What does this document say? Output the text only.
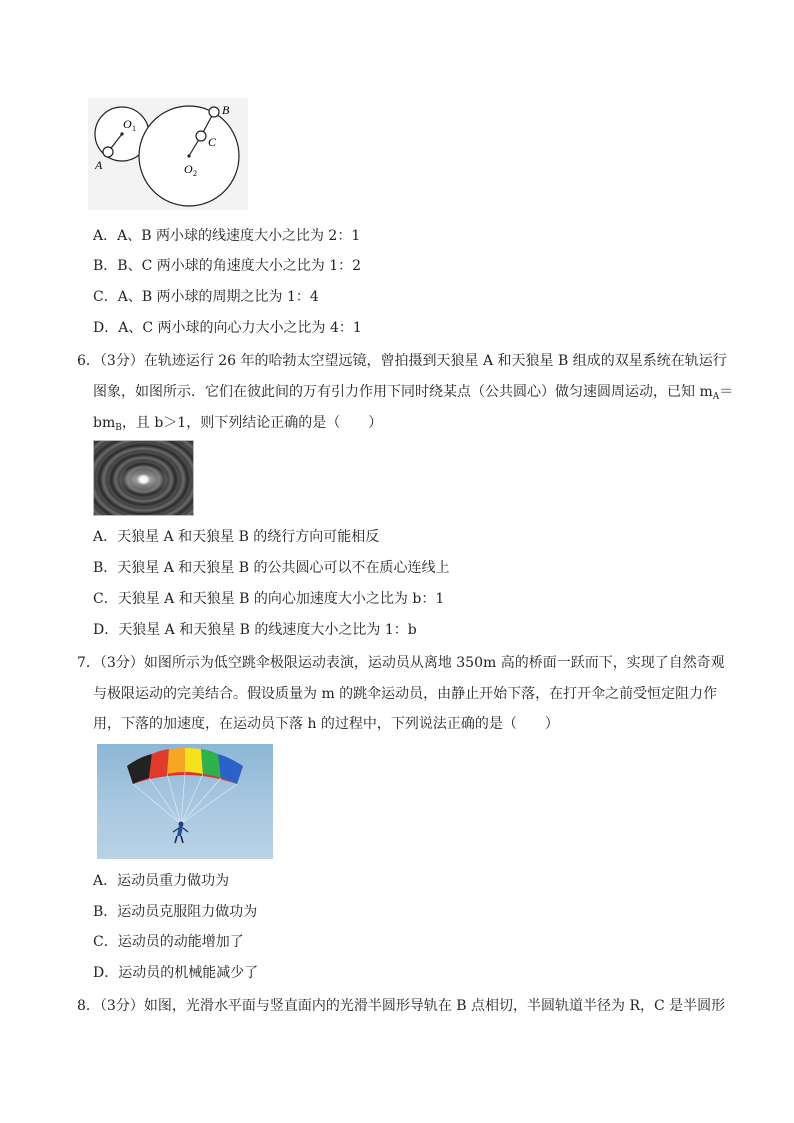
A
B
C
O 1
O 2
A．A、B 两小球的线速度大小之比为 2：1
B．B、C 两小球的角速度大小之比为 1：2
C．A、B 两小球的周期之比为 1：4
D．A、C 两小球的向心力大小之比为 4：1
6．（3分）在轨迹运行 26 年的哈勃太空望远镜，曾拍摄到天狼星 A 和天狼星 B 组成的双星系统在轨运行
图象，如图所示．它们在彼此间的万有引力作用下同时绕某点（公共圆心）做匀速圆周运动，已知 $m_A=$
$bm_B$，且 b＞1，则下列结论正确的是（　　）
A．天狼星 A 和天狼星 B 的绕行方向可能相反
B．天狼星 A 和天狼星 B 的公共圆心可以不在质心连线上
C．天狼星 A 和天狼星 B 的向心加速度大小之比为 b：1
D．天狼星 A 和天狼星 B 的线速度大小之比为 1：b
7．（3分）如图所示为低空跳伞极限运动表演，运动员从离地 350m 高的桥面一跃而下，实现了自然奇观
与极限运动的完美结合。假设质量为 m 的跳伞运动员，由静止开始下落，在打开伞之前受恒定阻力作
用，下落的加速度，在运动员下落 h 的过程中，下列说法正确的是（　　）
A．运动员重力做功为
B．运动员克服阻力做功为
C．运动员的动能增加了
D．运动员的机械能减少了
8．（3分）如图，光滑水平面与竖直面内的光滑半圆形导轨在 B 点相切，半圆轨道半径为 R，C 是半圆形
